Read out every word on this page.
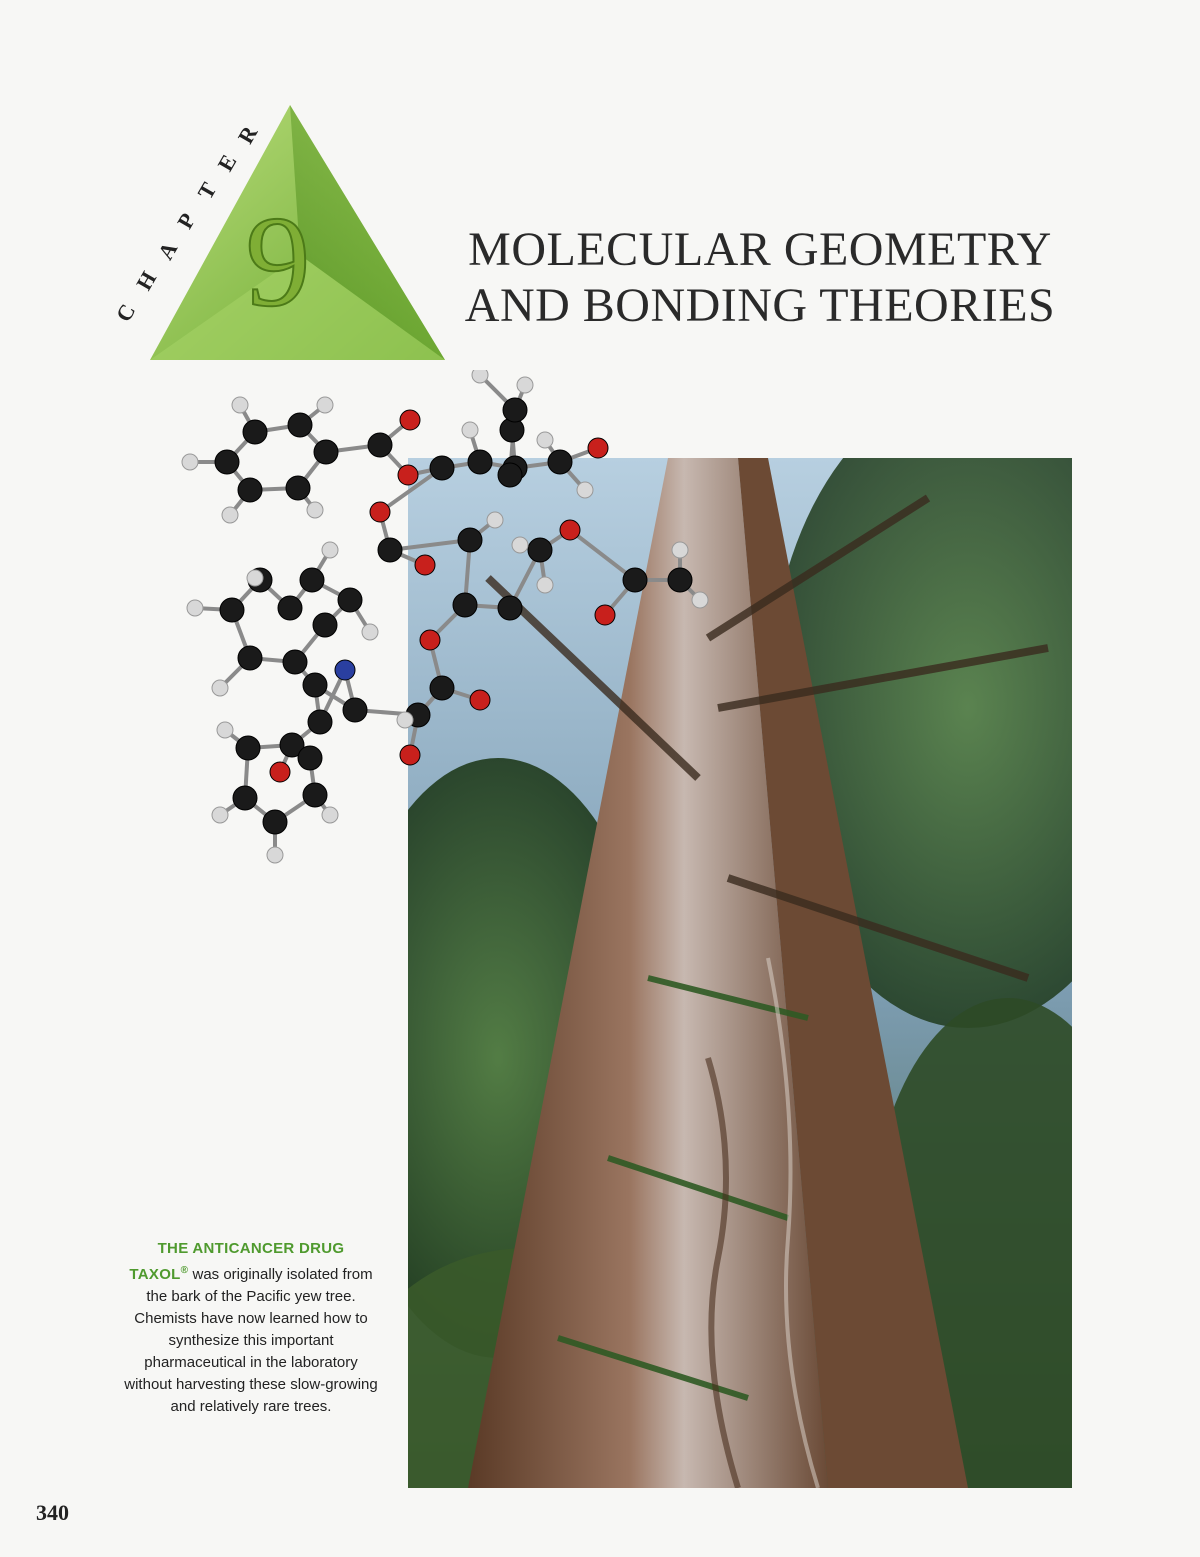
9
C
H
A
P
T
E
R
MOLECULAR GEOMETRY
AND BONDING THEORIES

THE ANTICANCER DRUG
TAXOL® was originally isolated from the bark of the Pacific yew tree. Chemists have now learned how to synthesize this important pharmaceutical in the laboratory without harvesting these slow-growing and relatively rare trees.

340
